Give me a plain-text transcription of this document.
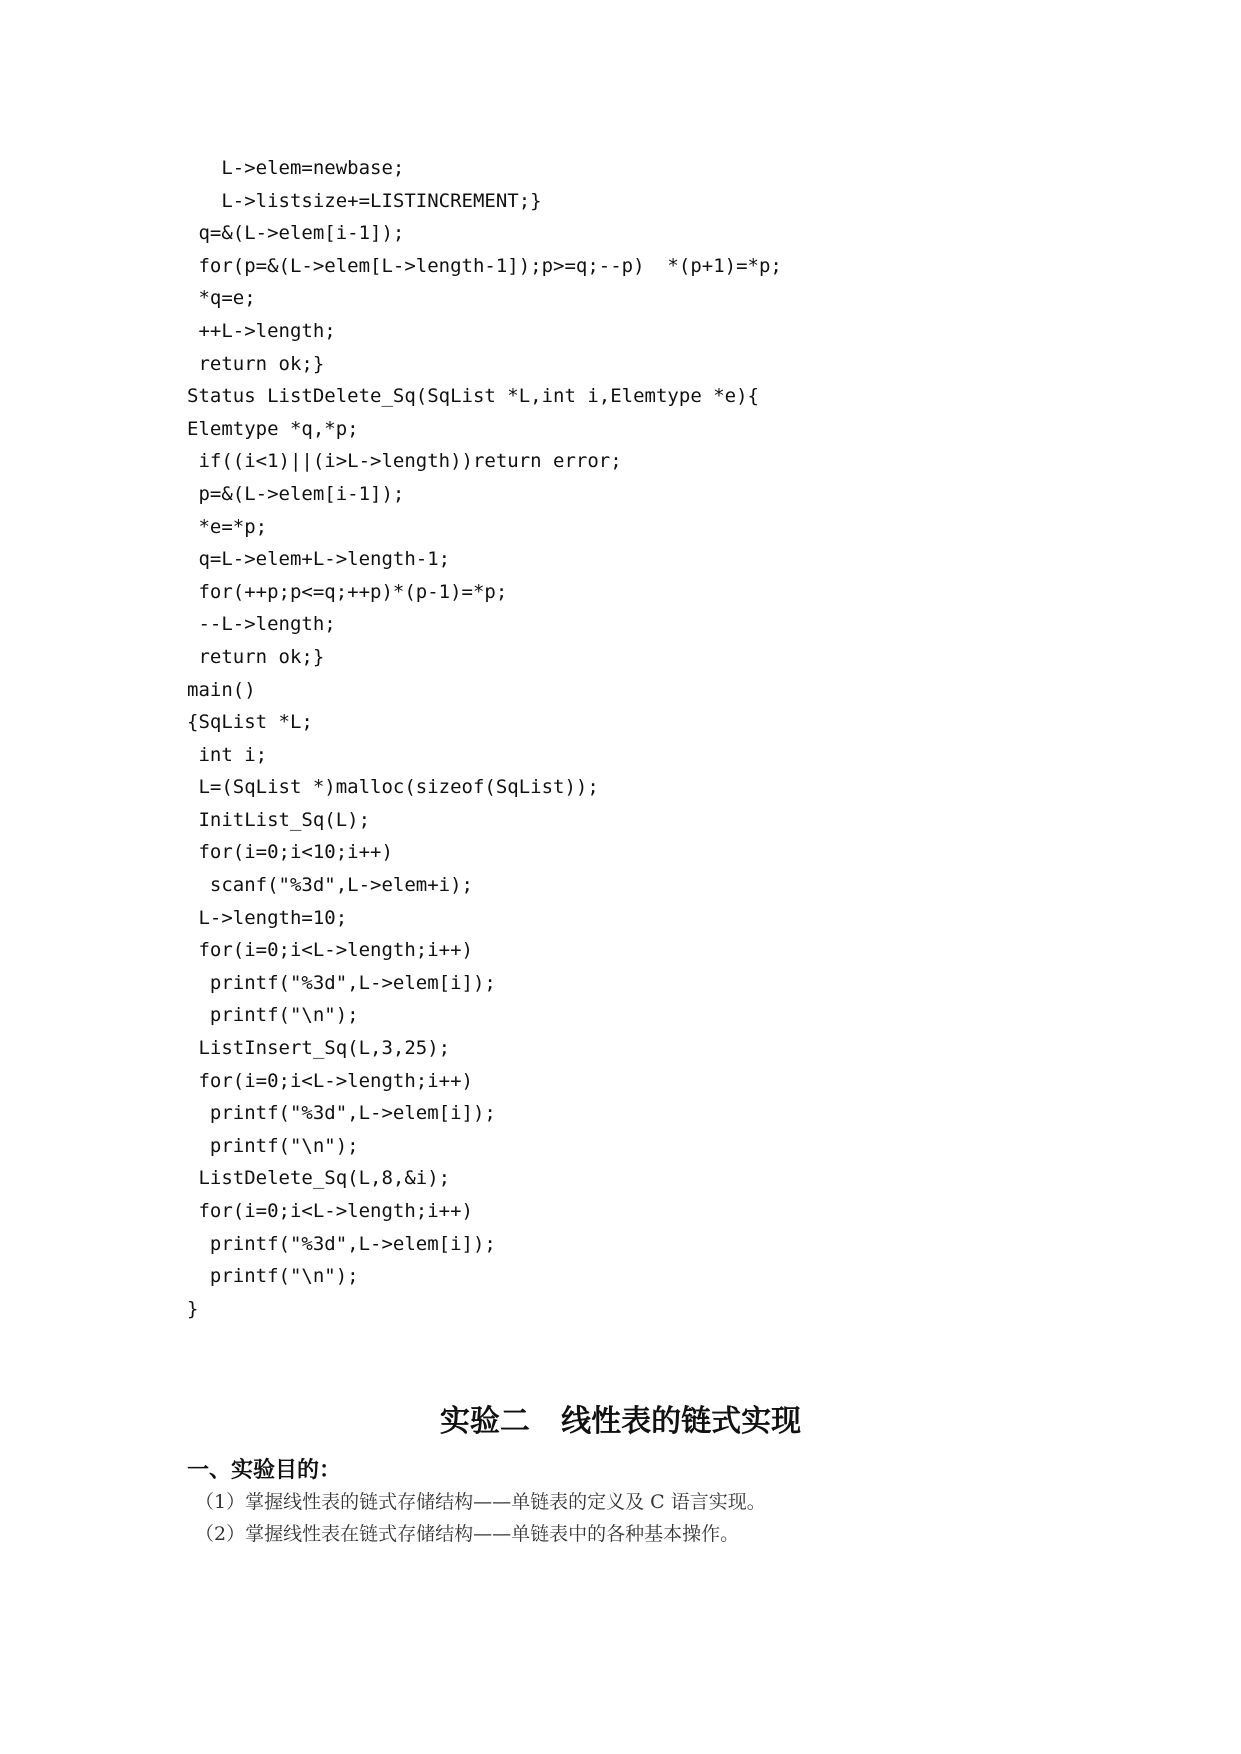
L->elem=newbase;
L->listsize+=LISTINCREMENT;}
q=&(L->elem[i-1]);
for(p=&(L->elem[L->length-1]);p>=q;--p)  *(p+1)=*p;
*q=e;
++L->length;
return ok;}
Status ListDelete_Sq(SqList *L,int i,Elemtype *e){
Elemtype *q,*p;
if((i<1)||(i>L->length))return error;
p=&(L->elem[i-1]);
*e=*p;
q=L->elem+L->length-1;
for(++p;p<=q;++p)*(p-1)=*p;
--L->length;
return ok;}
main()
{SqList *L;
int i;
L=(SqList *)malloc(sizeof(SqList));
InitList_Sq(L);
for(i=0;i<10;i++)
scanf("%3d",L->elem+i);
L->length=10;
for(i=0;i<L->length;i++)
printf("%3d",L->elem[i]);
printf("\n");
ListInsert_Sq(L,3,25);
for(i=0;i<L->length;i++)
printf("%3d",L->elem[i]);
printf("\n");
ListDelete_Sq(L,8,&i);
for(i=0;i<L->length;i++)
printf("%3d",L->elem[i]);
printf("\n");
}
实验二   线性表的链式实现
一、实验目的：
（1）掌握线性表的链式存储结构——单链表的定义及 C 语言实现。
（2）掌握线性表在链式存储结构——单链表中的各种基本操作。
